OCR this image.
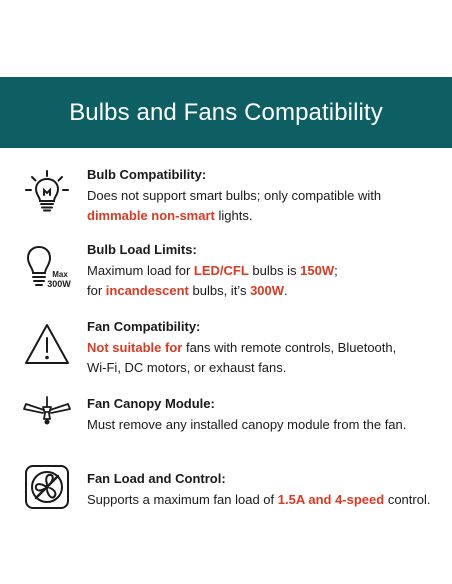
Bulbs and Fans Compatibility
Bulb Compatibility:
Does not support smart bulbs; only compatible with
dimmable non-smart lights.
Max
300W
Bulb Load Limits:
Maximum load for LED/CFL bulbs is 150W;
for incandescent bulbs, it’s 300W.
Fan Compatibility:
Not suitable for fans with remote controls, Bluetooth,
Wi-Fi, DC motors, or exhaust fans.
Fan Canopy Module:
Must remove any installed canopy module from the fan.
Fan Load and Control:
Supports a maximum fan load of 1.5A and 4-speed control.
